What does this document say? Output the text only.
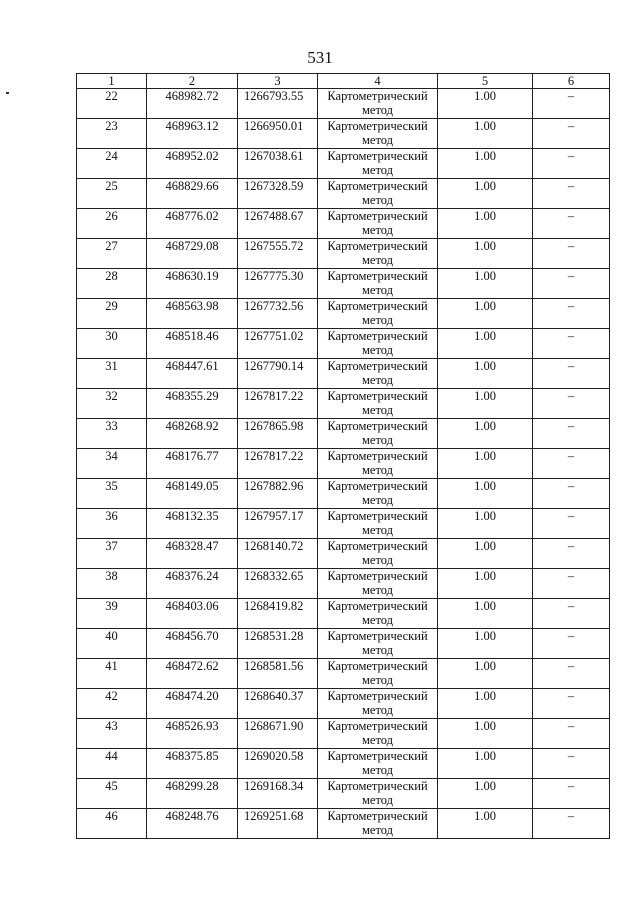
531
1	2	3	4	5	6
22	468982.72	1266793.55	Картометрический метод	1.00	–
23	468963.12	1266950.01	Картометрический метод	1.00	–
24	468952.02	1267038.61	Картометрический метод	1.00	–
25	468829.66	1267328.59	Картометрический метод	1.00	–
26	468776.02	1267488.67	Картометрический метод	1.00	–
27	468729.08	1267555.72	Картометрический метод	1.00	–
28	468630.19	1267775.30	Картометрический метод	1.00	–
29	468563.98	1267732.56	Картометрический метод	1.00	–
30	468518.46	1267751.02	Картометрический метод	1.00	–
31	468447.61	1267790.14	Картометрический метод	1.00	–
32	468355.29	1267817.22	Картометрический метод	1.00	–
33	468268.92	1267865.98	Картометрический метод	1.00	–
34	468176.77	1267817.22	Картометрический метод	1.00	–
35	468149.05	1267882.96	Картометрический метод	1.00	–
36	468132.35	1267957.17	Картометрический метод	1.00	–
37	468328.47	1268140.72	Картометрический метод	1.00	–
38	468376.24	1268332.65	Картометрический метод	1.00	–
39	468403.06	1268419.82	Картометрический метод	1.00	–
40	468456.70	1268531.28	Картометрический метод	1.00	–
41	468472.62	1268581.56	Картометрический метод	1.00	–
42	468474.20	1268640.37	Картометрический метод	1.00	–
43	468526.93	1268671.90	Картометрический метод	1.00	–
44	468375.85	1269020.58	Картометрический метод	1.00	–
45	468299.28	1269168.34	Картометрический метод	1.00	–
46	468248.76	1269251.68	Картометрический метод	1.00	–
